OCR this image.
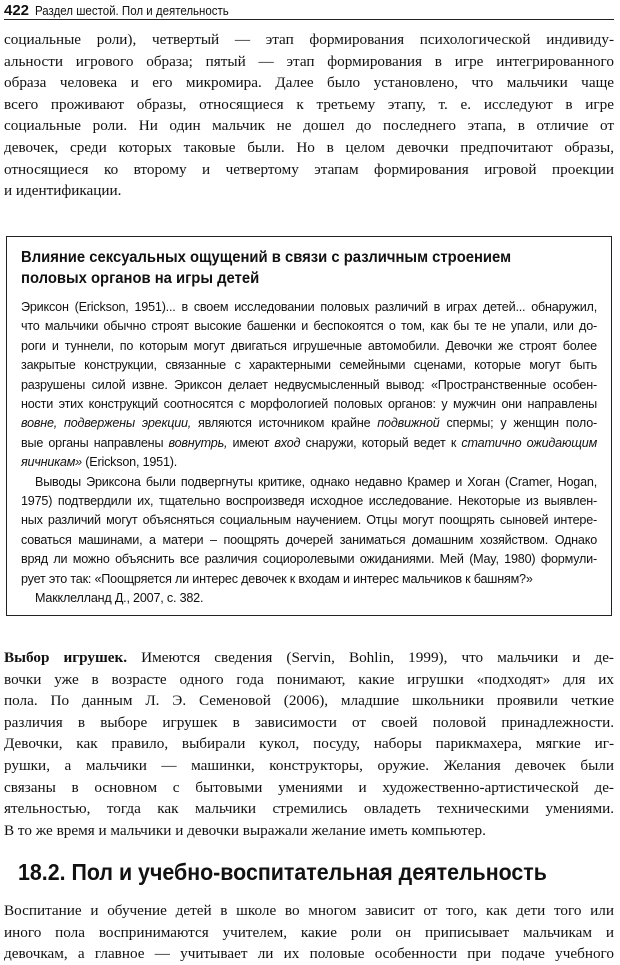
422 Раздел шестой. Пол и деятельность

социальные роли), четвертый — этап формирования психологической индивиду-

альности игрового образа; пятый — этап формирования в игре интегрированного

образа человека и его микромира. Далее было установлено, что мальчики чаще

всего проживают образы, относящиеся к третьему этапу, т. е. исследуют в игре

социальные роли. Ни один мальчик не дошел до последнего этапа, в отличие от

девочек, среди которых таковые были. Но в целом девочки предпочитают образы,

относящиеся ко второму и четвертому этапам формирования игровой проекции

и идентификации.

Влияние сексуальных ощущений в связи с различным строением
половых органов на игры детей

Эриксон (Erickson, 1951)... в своем исследовании половых различий в играх детей... обнаружил,

что мальчики обычно строят высокие башенки и беспокоятся о том, как бы те не упали, или до-

роги и туннели, по которым могут двигаться игрушечные автомобили. Девочки же строят более

закрытые конструкции, связанные с характерными семейными сценами, которые могут быть

разрушены силой извне. Эриксон делает недвусмысленный вывод: «Пространственные особен-

ности этих конструкций соотносятся с морфологией половых органов: у мужчин они направлены

вовне, подвержены эрекции, являются источником крайне подвижной спермы; у женщин поло-

вые органы направлены вовнутрь, имеют вход снаружи, который ведет к статично ожидающим

яичникам» (Erickson, 1951).

Выводы Эриксона были подвергнуты критике, однако недавно Крамер и Хоган (Cramer, Hogan,

1975) подтвердили их, тщательно воспроизведя исходное исследование. Некоторые из выявлен-

ных различий могут объясняться социальным научением. Отцы могут поощрять сыновей интере-

соваться машинами, а матери – поощрять дочерей заниматься домашним хозяйством. Однако

вряд ли можно объяснить все различия социоролевыми ожиданиями. Мей (May, 1980) формули-

рует это так: «Поощряется ли интерес девочек к входам и интерес мальчиков к башням?»

Макклелланд Д., 2007, с. 382.

Выбор игрушек. Имеются сведения (Servin, Bohlin, 1999), что мальчики и де-

вочки уже в возрасте одного года понимают, какие игрушки «подходят» для их

пола. По данным Л. Э. Семеновой (2006), младшие школьники проявили четкие

различия в выборе игрушек в зависимости от своей половой принадлежности.

Девочки, как правило, выбирали кукол, посуду, наборы парикмахера, мягкие иг-

рушки, а мальчики — машинки, конструкторы, оружие. Желания девочек были

связаны в основном с бытовыми умениями и художественно-артистической де-

ятельностью, тогда как мальчики стремились овладеть техническими умениями.

В то же время и мальчики и девочки выражали желание иметь компьютер.

18.2. Пол и учебно-воспитательная деятельность

Воспитание и обучение детей в школе во многом зависит от того, как дети того или

иного пола воспринимаются учителем, какие роли он приписывает мальчикам и

девочкам, а главное — учитывает ли их половые особенности при подаче учебного
